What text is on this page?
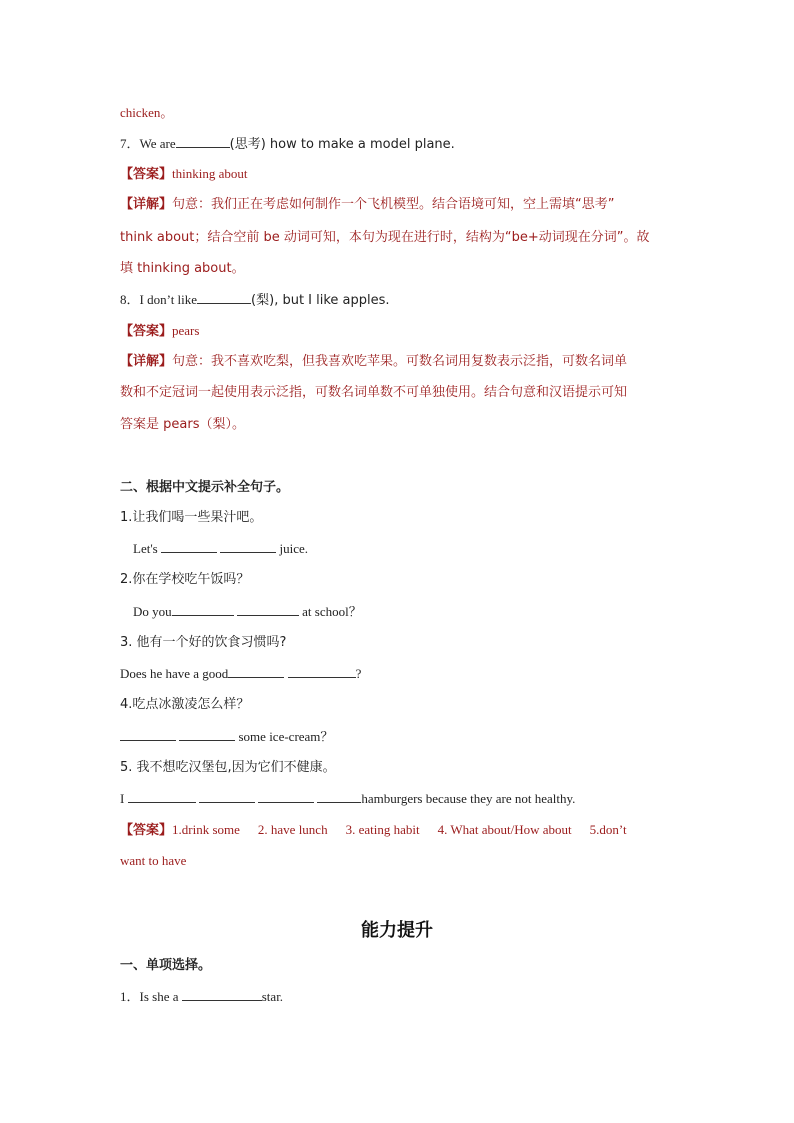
chicken。
7．We are	(思考) how to make a model plane.
【答案】thinking about
【详解】句意：我们正在考虑如何制作一个飞机模型。结合语境可知，空上需填“思考”
think about；结合空前 be 动词可知，本句为现在进行时，结构为“be+动词现在分词”。故
填 thinking about。
8．I don’t like	(梨), but I like apples.
【答案】pears
【详解】句意：我不喜欢吃梨，但我喜欢吃苹果。可数名词用复数表示泛指，可数名词单
数和不定冠词一起使用表示泛指，可数名词单数不可单独使用。结合句意和汉语提示可知
答案是 pears（梨）。
二、根据中文提示补全句子。
1.让我们喝一些果汁吧。
Let's	juice.
2.你在学校吃午饭吗？
Do you	at school？
3. 他有一个好的饮食习惯吗?
Does he have a good	?
4.吃点冰激凌怎么样？
some ice-cream？
5. 我不想吃汉堡包,因为它们不健康。
I	hamburgers because they are not healthy.
【答案】1.drink some 2. have lunch 3. eating habit 4. What about/How about 5.don’t
want to have
能力提升
一、单项选择。
1．Is she a	star.
